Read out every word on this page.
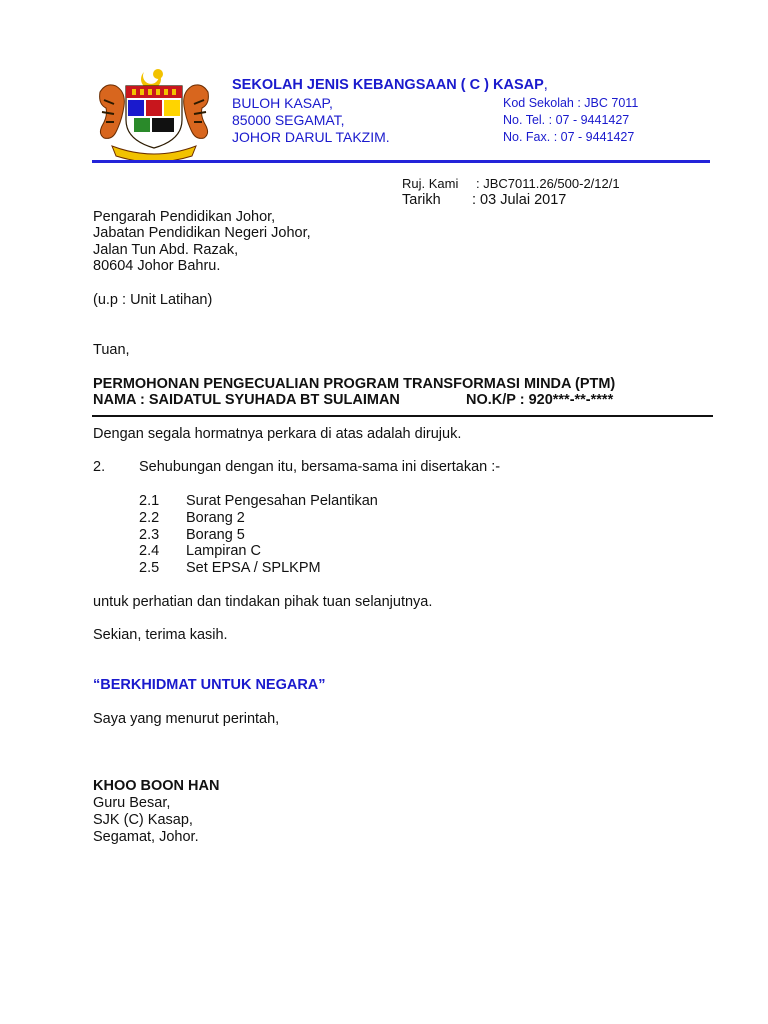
SEKOLAH JENIS KEBANGSAAN ( C ) KASAP,
BULOH KASAP,
85000 SEGAMAT,
JOHOR DARUL TAKZIM.
Kod Sekolah : JBC 7011
No. Tel. : 07 - 9441427
No. Fax. : 07 - 9441427
Ruj. Kami : JBC7011.26/500-2/12/1
Tarikh : 03 Julai 2017
Pengarah Pendidikan Johor,
Jabatan Pendidikan Negeri Johor,
Jalan Tun Abd. Razak,
80604 Johor Bahru.
(u.p : Unit Latihan)
Tuan,
PERMOHONAN PENGECUALIAN PROGRAM TRANSFORMASI MINDA (PTM)
NAMA : SAIDATUL SYUHADA BT SULAIMAN	NO.K/P : 920***-**-****
Dengan segala hormatnya perkara di atas adalah dirujuk.
2. Sehubungan dengan itu, bersama-sama ini disertakan :-
2.1 Surat Pengesahan Pelantikan
2.2 Borang 2
2.3 Borang 5
2.4 Lampiran C
2.5 Set EPSA / SPLKPM
untuk perhatian dan tindakan pihak tuan selanjutnya.
Sekian, terima kasih.
“BERKHIDMAT UNTUK NEGARA”
Saya yang menurut perintah,
KHOO BOON HAN
Guru Besar,
SJK (C) Kasap,
Segamat, Johor.
